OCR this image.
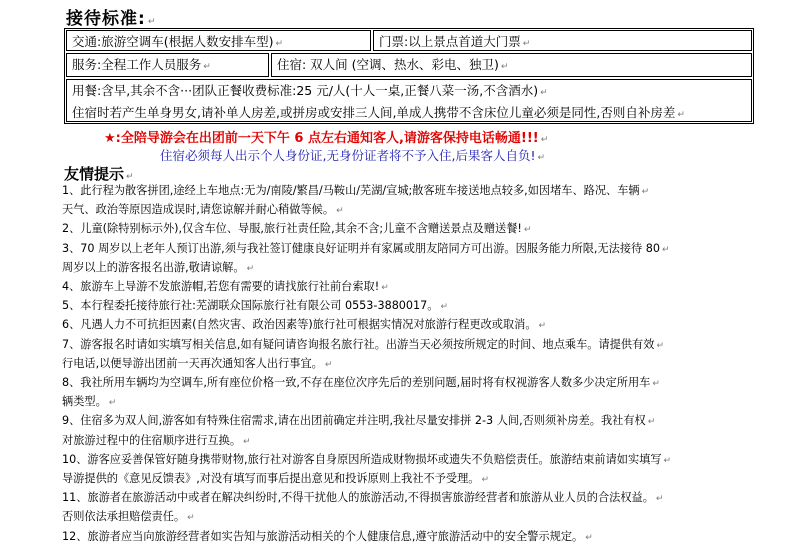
接待标准: ↵
交通:旅游空调车(根据人数安排车型) ↵	门票:以上景点首道大门票 ↵
服务:全程工作人员服务 ↵	住宿: 双人间 (空调、热水、彩电、独卫) ↵
用餐:含早,其余不含···团队正餐收费标准:25 元/人(十人一桌,正餐八菜一汤,不含酒水) ↵
住宿时若产生单身男女,请补单人房差,或拼房或安排三人间,单成人携带不含床位儿童必须是同性,否则自补房差 ↵
★:全陪导游会在出团前一天下午 6 点左右通知客人,请游客保持电话畅通!!! ↵
住宿必须每人出示个人身份证,无身份证者将不予入住,后果客人自负! ↵
友情提示 ↵

1、此行程为散客拼团,途经上车地点:无为/南陵/繁昌/马鞍山/芜湖/宣城;散客班车接送地点较多,如因堵车、路况、车辆 ↵

天气、政治等原因造成误时,请您谅解并耐心稍做等候。 ↵

2、儿童(除特别标示外),仅含车位、导服,旅行社责任险,其余不含;儿童不含赠送景点及赠送餐! ↵

3、70 周岁以上老年人预订出游,须与我社签订健康良好证明并有家属或朋友陪同方可出游。因服务能力所限,无法接待 80 ↵

周岁以上的游客报名出游,敬请谅解。 ↵

4、旅游车上导游不发旅游帽,若您有需要的请找旅行社前台索取! ↵

5、本行程委托接待旅行社:芜湖联众国际旅行社有限公司 0553-3880017。 ↵

6、凡遇人力不可抗拒因素(自然灾害、政治因素等)旅行社可根据实情况对旅游行程更改或取消。 ↵

7、游客报名时请如实填写相关信息,如有疑问请咨询报名旅行社。出游当天必须按所规定的时间、地点乘车。请提供有效 ↵

行电话,以便导游出团前一天再次通知客人出行事宜。 ↵

8、我社所用车辆均为空调车,所有座位价格一致,不存在座位次序先后的差别问题,届时将有权视游客人数多少决定所用车 ↵

辆类型。 ↵

9、住宿多为双人间,游客如有特殊住宿需求,请在出团前确定并注明,我社尽量安排拼 2-3 人间,否则须补房差。我社有权 ↵

对旅游过程中的住宿顺序进行互换。 ↵

10、游客应妥善保管好随身携带财物,旅行社对游客自身原因所造成财物损坏或遗失不负赔偿责任。旅游结束前请如实填写 ↵

导游提供的《意见反馈表》,对没有填写而事后提出意见和投诉原则上我社不予受理。 ↵

11、旅游者在旅游活动中或者在解决纠纷时,不得干扰他人的旅游活动,不得损害旅游经营者和旅游从业人员的合法权益。 ↵

否则依法承担赔偿责任。 ↵

12、旅游者应当向旅游经营者如实告知与旅游活动相关的个人健康信息,遵守旅游活动中的安全警示规定。 ↵
